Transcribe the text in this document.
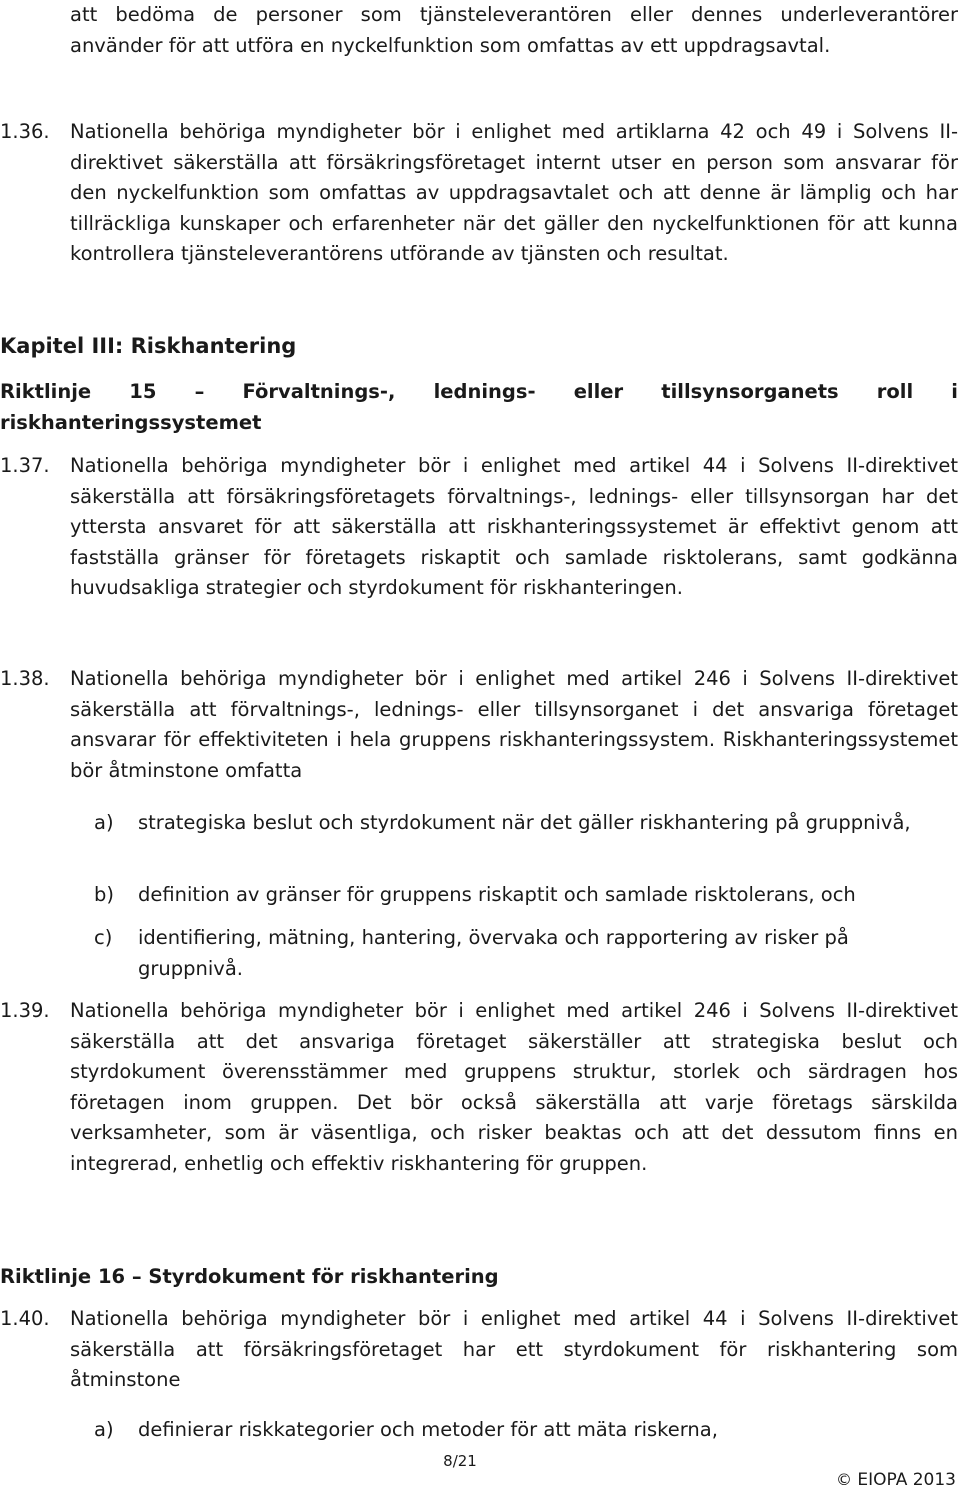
att bedöma de personer som tjänsteleverantören eller dennes underleverantörer använder för att utföra en nyckelfunktion som omfattas av ett uppdragsavtal.
1.36.	Nationella behöriga myndigheter bör i enlighet med artiklarna 42 och 49 i Solvens II-direktivet säkerställa att försäkringsföretaget internt utser en person som ansvarar för den nyckelfunktion som omfattas av uppdragsavtalet och att denne är lämplig och har tillräckliga kunskaper och erfarenheter när det gäller den nyckelfunktionen för att kunna kontrollera tjänsteleverantörens utförande av tjänsten och resultat.
Kapitel III: Riskhantering
Riktlinje 15 – Förvaltnings-, lednings- eller tillsynsorganets roll i riskhanteringssystemet
1.37.	Nationella behöriga myndigheter bör i enlighet med artikel 44 i Solvens II-direktivet säkerställa att försäkringsföretagets förvaltnings-, lednings- eller tillsynsorgan har det yttersta ansvaret för att säkerställa att riskhanteringssystemet är effektivt genom att fastställa gränser för företagets riskaptit och samlade risktolerans, samt godkänna huvudsakliga strategier och styrdokument för riskhanteringen.
1.38.	Nationella behöriga myndigheter bör i enlighet med artikel 246 i Solvens II-direktivet säkerställa att förvaltnings-, lednings- eller tillsynsorganet i det ansvariga företaget ansvarar för effektiviteten i hela gruppens riskhanteringssystem. Riskhanteringssystemet bör åtminstone omfatta
a)	strategiska beslut och styrdokument när det gäller riskhantering på gruppnivå,
b)	definition av gränser för gruppens riskaptit och samlade risktolerans, och
c)	identifiering, mätning, hantering, övervaka och rapportering av risker på gruppnivå.
1.39.	Nationella behöriga myndigheter bör i enlighet med artikel 246 i Solvens II-direktivet säkerställa att det ansvariga företaget säkerställer att strategiska beslut och styrdokument överensstämmer med gruppens struktur, storlek och särdragen hos företagen inom gruppen. Det bör också säkerställa att varje företags särskilda verksamheter, som är väsentliga, och risker beaktas och att det dessutom finns en integrerad, enhetlig och effektiv riskhantering för gruppen.
Riktlinje 16 – Styrdokument för riskhantering
1.40.	Nationella behöriga myndigheter bör i enlighet med artikel 44 i Solvens II-direktivet säkerställa att försäkringsföretaget har ett styrdokument för riskhantering som åtminstone
a)	definierar riskkategorier och metoder för att mäta riskerna,
8/21
© EIOPA 2013
